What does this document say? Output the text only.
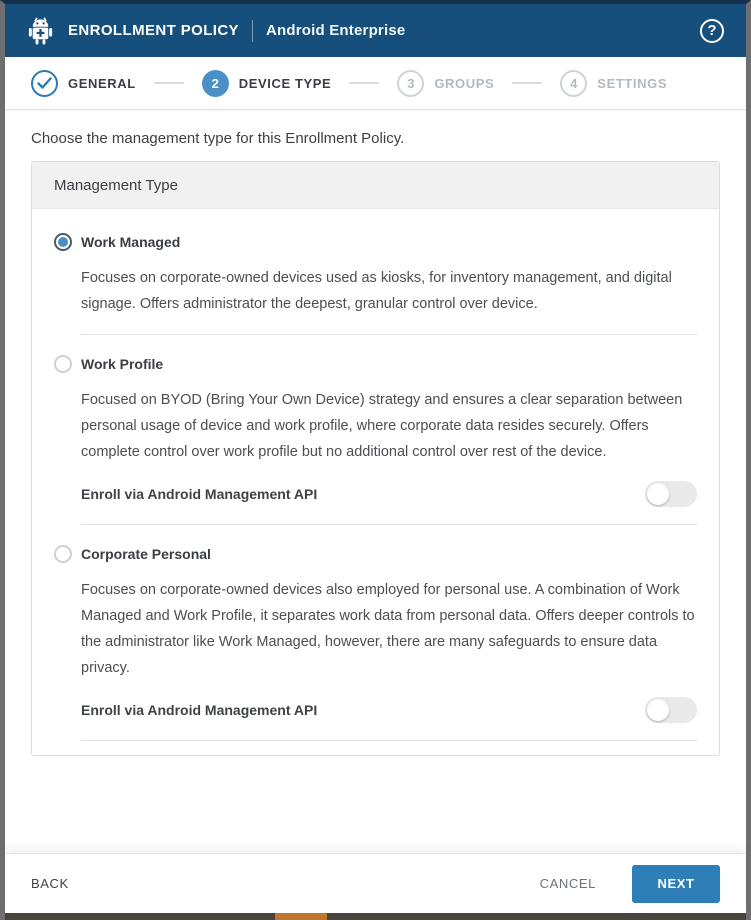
ENROLLMENT POLICY Android Enterprise	?
GENERAL	2	DEVICE TYPE	3	GROUPS	4	SETTINGS

Choose the management type for this Enrollment Policy.

Management Type
Work Managed

Focuses on corporate-owned devices used as kiosks, for inventory management, and digital signage. Offers administrator the deepest, granular control over device.

Work Profile

Focused on BYOD (Bring Your Own Device) strategy and ensures a clear separation between personal usage of device and work profile, where corporate data resides securely. Offers complete control over work profile but no additional control over rest of the device.

Enroll via Android Management API
Corporate Personal

Focuses on corporate-owned devices also employed for personal use. A combination of Work Managed and Work Profile, it separates work data from personal data. Offers deeper controls to the administrator like Work Managed, however, there are many safeguards to ensure data privacy.

Enroll via Android Management API
BACK	CANCEL	NEXT
